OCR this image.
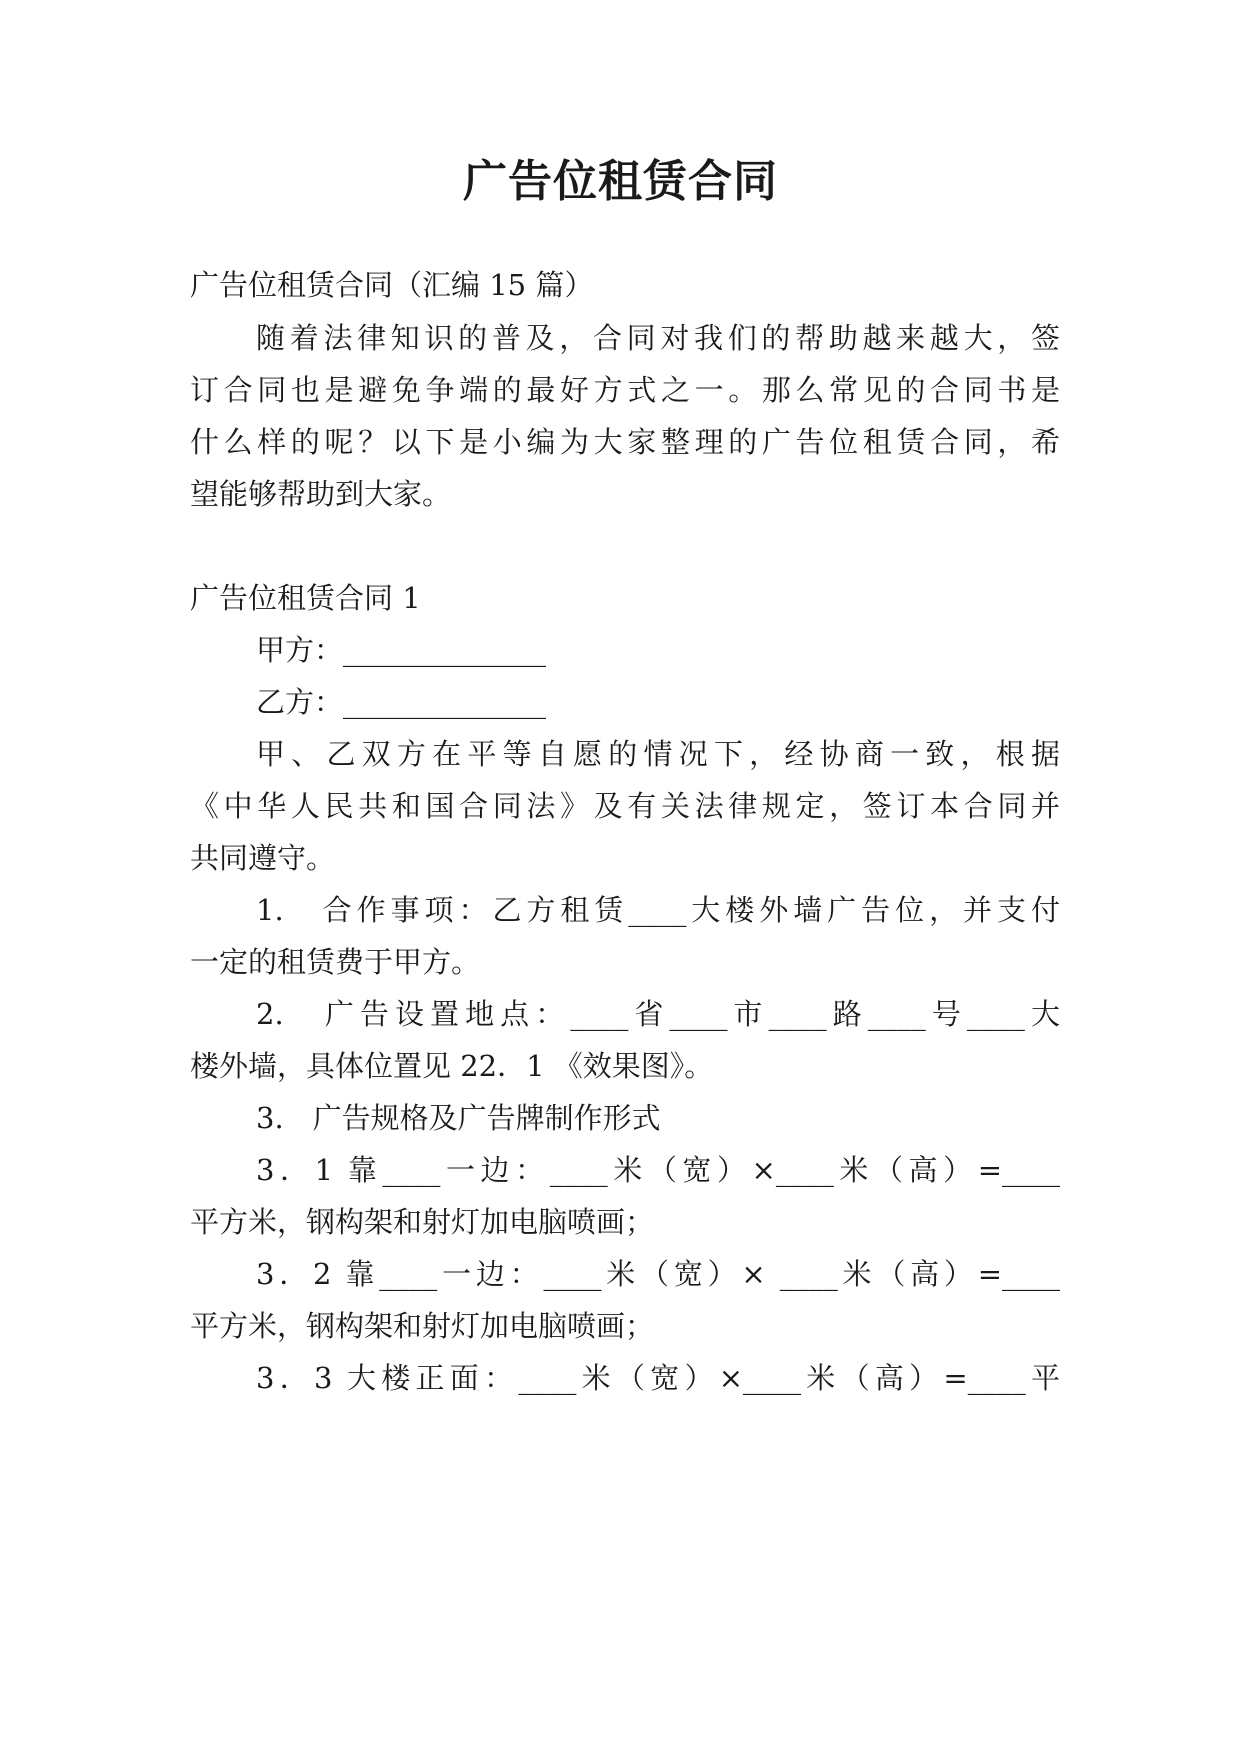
广告位租赁合同

广告位租赁合同（汇编 15 篇）

随着法律知识的普及，合同对我们的帮助越来越大，签

订合同也是避免争端的最好方式之一。那么常见的合同书是

什么样的呢？以下是小编为大家整理的广告位租赁合同，希

望能够帮助到大家。

广告位租赁合同 1

甲方：______________

乙方：______________

甲、乙双方在平等自愿的情况下，经协商一致，根据

《中华人民共和国合同法》及有关法律规定，签订本合同并

共同遵守。

1.　合作事项：乙方租赁____大楼外墙广告位，并支付

一定的租赁费于甲方。

2.　广告设置地点：____省____市____路____号____大

楼外墙，具体位置见 22．1 《效果图》。

3.　广告规格及广告牌制作形式

3．1 靠____一边：____米（宽）×____米（高）=____

平方米，钢构架和射灯加电脑喷画；

3．2 靠____一边：____米（宽）× ____米（高）=____

平方米，钢构架和射灯加电脑喷画；

3．3 大楼正面：____米（宽）×____米（高）=____平
